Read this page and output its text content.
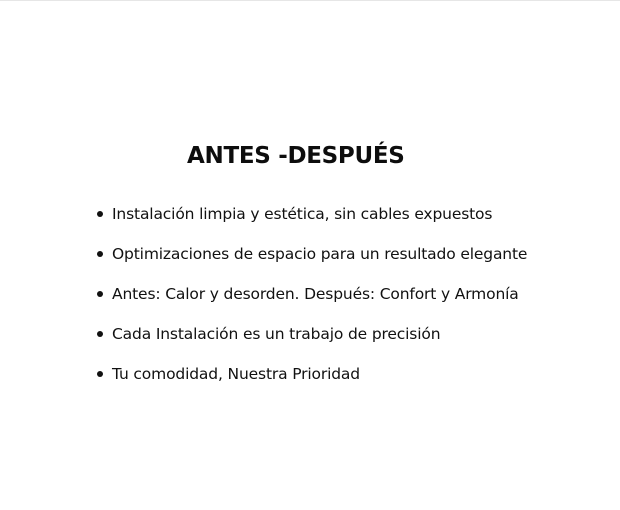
ANTES -DESPUÉS
Instalación limpia y estética, sin cables expuestos
Optimizaciones de espacio para un resultado elegante
Antes: Calor y desorden. Después: Confort y Armonía
Cada Instalación es un trabajo de precisión
Tu comodidad, Nuestra Prioridad
